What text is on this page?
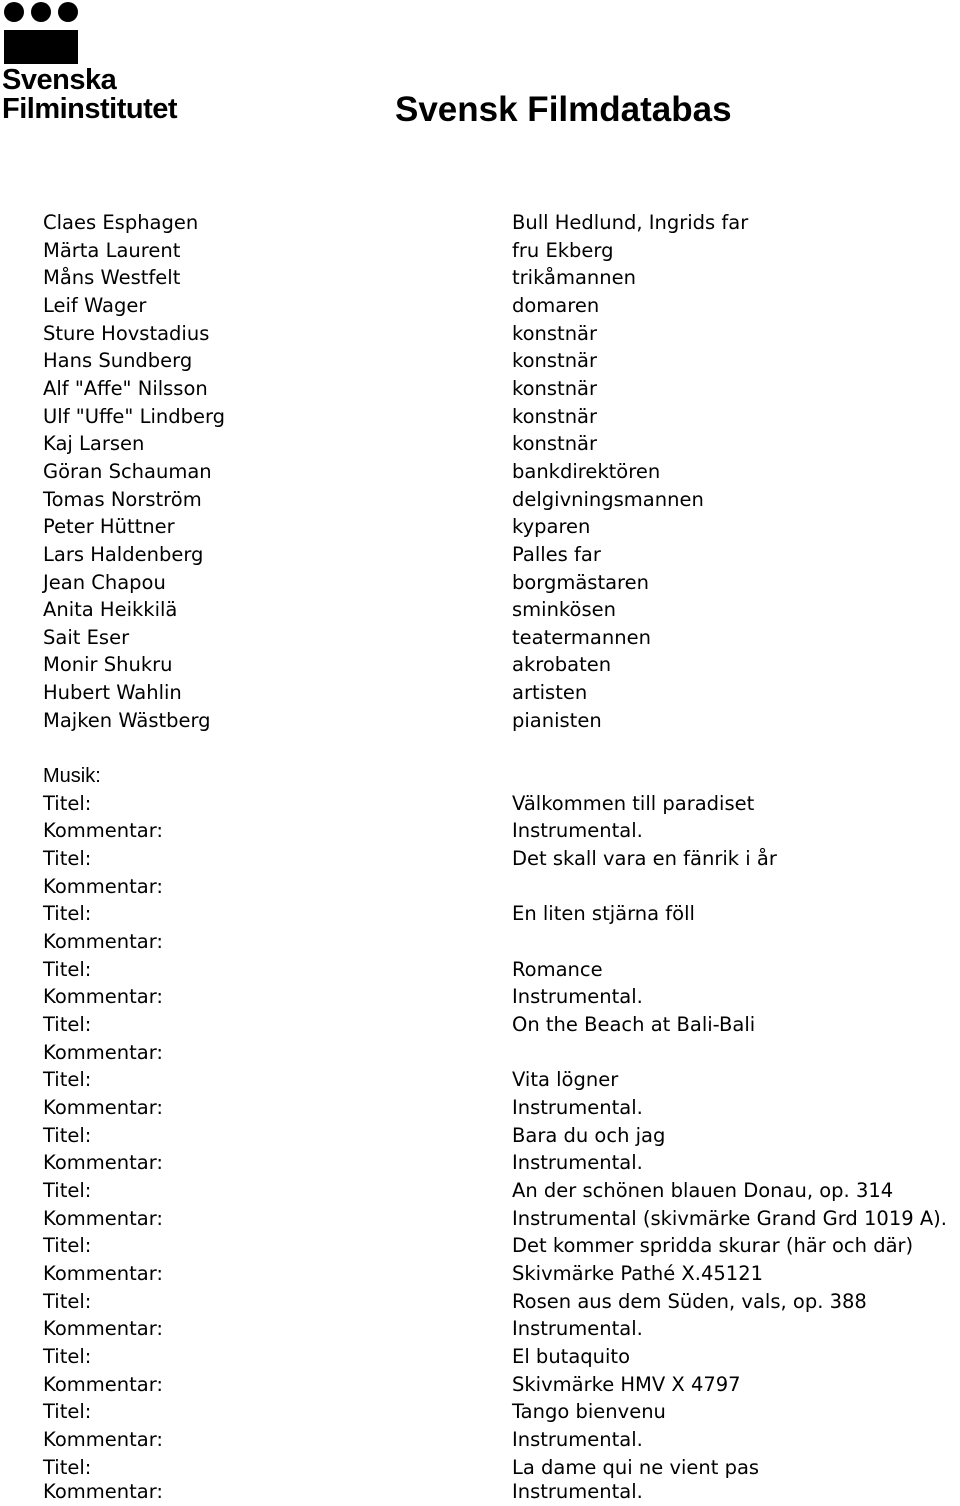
Svenska
Filminstitutet	Svensk Filmdatabas
Claes Esphagen	Bull Hedlund, Ingrids far
Märta Laurent	fru Ekberg
Måns Westfelt	trikåmannen
Leif Wager	domaren
Sture Hovstadius	konstnär
Hans Sundberg	konstnär
Alf "Affe" Nilsson	konstnär
Ulf "Uffe" Lindberg	konstnär
Kaj Larsen	konstnär
Göran Schauman	bankdirektören
Tomas Norström	delgivningsmannen
Peter Hüttner	kyparen
Lars Haldenberg	Palles far
Jean Chapou	borgmästaren
Anita Heikkilä	sminkösen
Sait Eser	teatermannen
Monir Shukru	akrobaten
Hubert Wahlin	artisten
Majken Wästberg	pianisten
Musik:
Titel:	Välkommen till paradiset
Kommentar:	Instrumental.
Titel:	Det skall vara en fänrik i år
Kommentar:
Titel:	En liten stjärna föll
Kommentar:
Titel:	Romance
Kommentar:	Instrumental.
Titel:	On the Beach at Bali-Bali
Kommentar:
Titel:	Vita lögner
Kommentar:	Instrumental.
Titel:	Bara du och jag
Kommentar:	Instrumental.
Titel:	An der schönen blauen Donau, op. 314
Kommentar:	Instrumental (skivmärke Grand Grd 1019 A).
Titel:	Det kommer spridda skurar (här och där)
Kommentar:	Skivmärke Pathé X.45121
Titel:	Rosen aus dem Süden, vals, op. 388
Kommentar:	Instrumental.
Titel:	El butaquito
Kommentar:	Skivmärke HMV X 4797
Titel:	Tango bienvenu
Kommentar:	Instrumental.
Titel:	La dame qui ne vient pas
Kommentar:	Instrumental.
